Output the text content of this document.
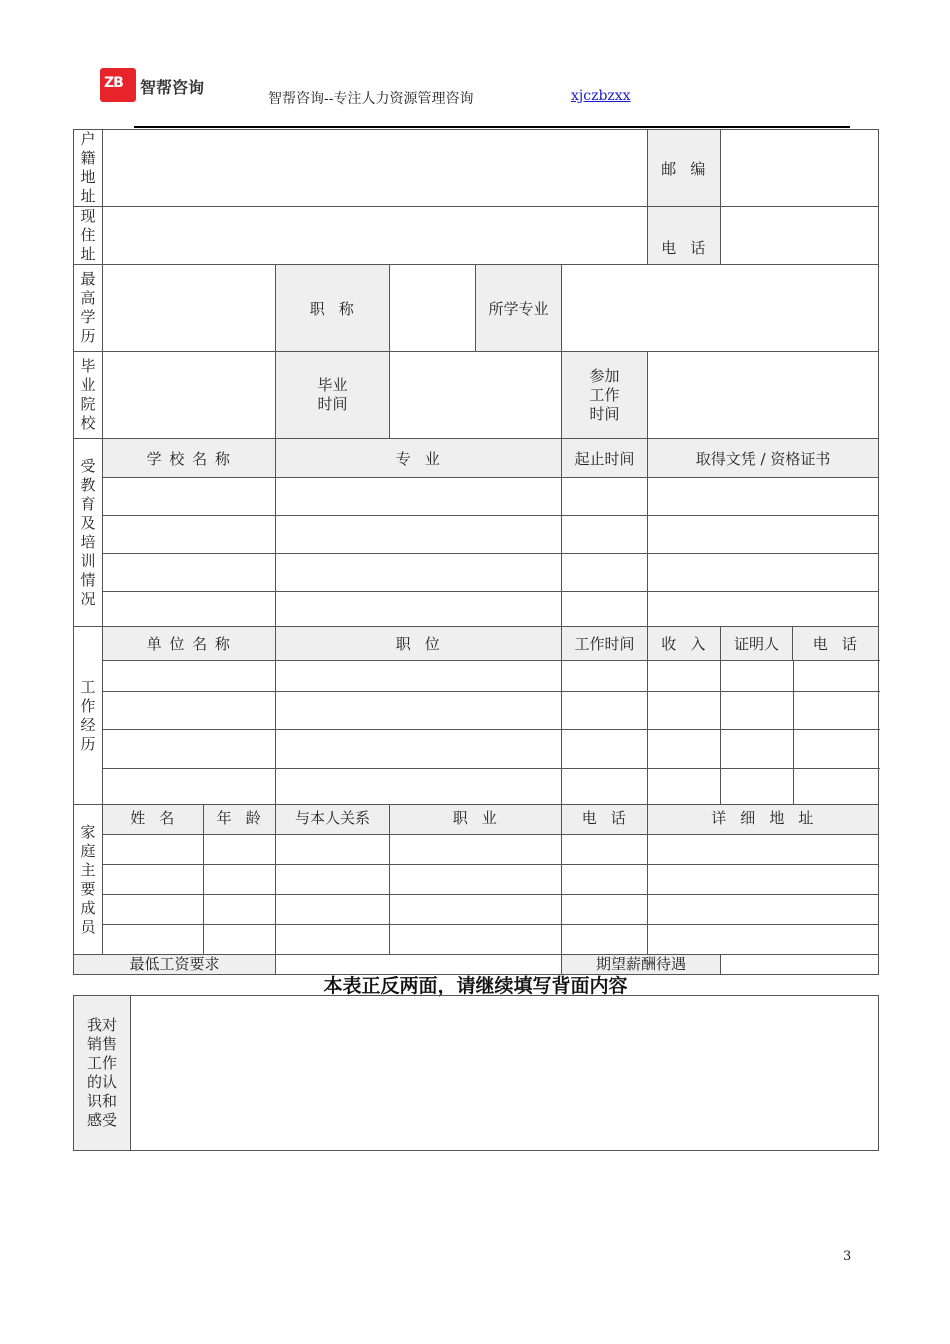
ZB 智帮咨询
智帮咨询--专注人力资源管理咨询	xjczbzxx
户籍地址							邮  编	

现住址							电  话	

最高学历			职  称		所学专业			

毕业院校			毕业时间			参加工作时间		

受教育及培训情况	学 校 名 称		专  业			起止时间	取得文凭 / 资格证书	

工作经历	单 位 名 称		职  位			工作时间	收  入	证明人 电  话

家庭主要成员	姓  名	年  龄	与本人关系	职  业		电  话	详  细  地  址	

最低工资要求						期望薪酬待遇		
本表正反两面，请继续填写背面内容
我对销售工作的认识和感受

3
